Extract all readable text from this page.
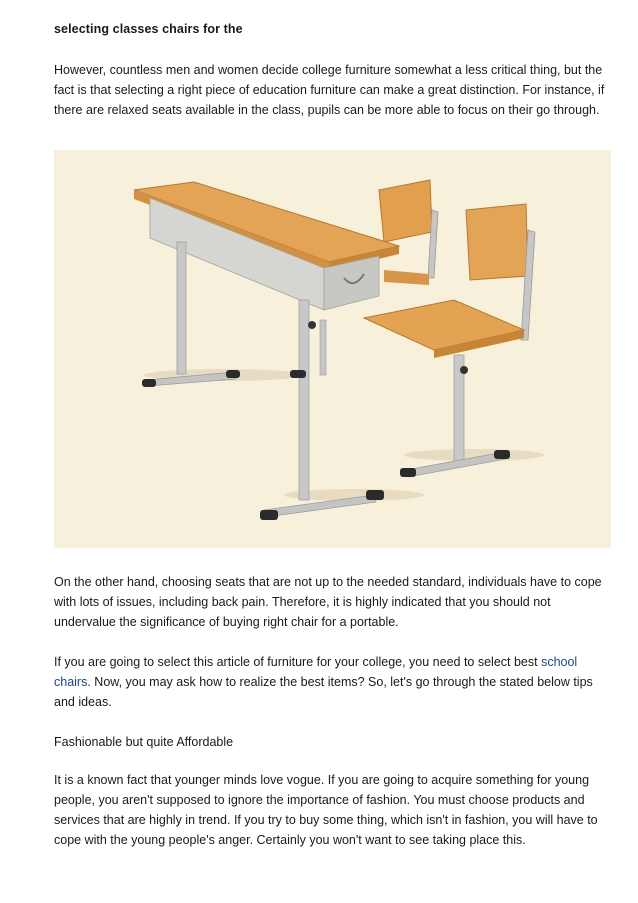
selecting classes chairs for the

However, countless men and women decide college furniture somewhat a less critical thing, but the fact is that selecting a right piece of education furniture can make a great distinction. For instance, if there are relaxed seats available in the class, pupils can be more able to focus on their go through.

On the other hand, choosing seats that are not up to the needed standard, individuals have to cope with lots of issues, including back pain. Therefore, it is highly indicated that you should not undervalue the significance of buying right chair for a portable.

If you are going to select this article of furniture for your college, you need to select best school chairs. Now, you may ask how to realize the best items? So, let's go through the stated below tips and ideas.

Fashionable but quite Affordable

It is a known fact that younger minds love vogue. If you are going to acquire something for young people, you aren't supposed to ignore the importance of fashion. You must choose products and services that are highly in trend. If you try to buy some thing, which isn't in fashion, you will have to cope with the young people's anger. Certainly you won't want to see taking place this.
